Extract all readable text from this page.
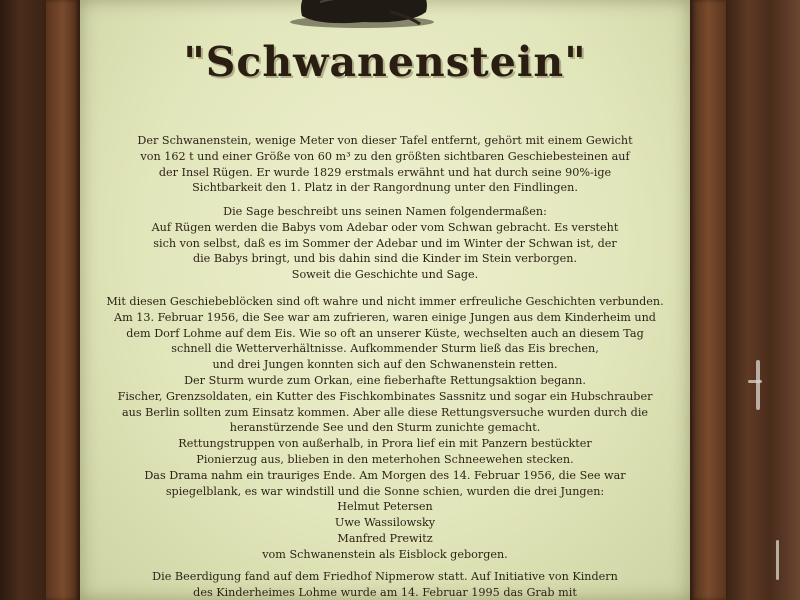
"Schwanenstein"

Der Schwanenstein, wenige Meter von dieser Tafel entfernt, gehört mit einem Gewicht

von 162 t und einer Größe von 60 m³ zu den größten sichtbaren Geschiebesteinen auf

der Insel Rügen. Er wurde 1829 erstmals erwähnt und hat durch seine 90%-ige

Sichtbarkeit den 1. Platz in der Rangordnung unter den Findlingen.

Die Sage beschreibt uns seinen Namen folgendermaßen:

Auf Rügen werden die Babys vom Adebar oder vom Schwan gebracht. Es versteht

sich von selbst, daß es im Sommer der Adebar und im Winter der Schwan ist, der

die Babys bringt, und bis dahin sind die Kinder im Stein verborgen.

Soweit die Geschichte und Sage.

Mit diesen Geschiebeblöcken sind oft wahre und nicht immer erfreuliche Geschichten verbunden.

Am 13. Februar 1956, die See war am zufrieren, waren einige Jungen aus dem Kinderheim und

dem Dorf Lohme auf dem Eis. Wie so oft an unserer Küste, wechselten auch an diesem Tag

schnell die Wetterverhältnisse. Aufkommender Sturm ließ das Eis brechen,

und drei Jungen konnten sich auf den Schwanenstein retten.

Der Sturm wurde zum Orkan, eine fieberhafte Rettungsaktion begann.

Fischer, Grenzsoldaten, ein Kutter des Fischkombinates Sassnitz und sogar ein Hubschrauber

aus Berlin sollten zum Einsatz kommen. Aber alle diese Rettungsversuche wurden durch die

heranstürzende See und den Sturm zunichte gemacht.

Rettungstruppen von außerhalb, in Prora lief ein mit Panzern bestückter

Pionierzug aus, blieben in den meterhohen Schneewehen stecken.

Das Drama nahm ein trauriges Ende. Am Morgen des 14. Februar 1956, die See war

spiegelblank, es war windstill und die Sonne schien, wurden die drei Jungen:

Helmut Petersen

Uwe Wassilowsky

Manfred Prewitz

vom Schwanenstein als Eisblock geborgen.

Die Beerdigung fand auf dem Friedhof Nipmerow statt. Auf Initiative von Kindern

des Kinderheimes Lohme wurde am 14. Februar 1995 das Grab mit
